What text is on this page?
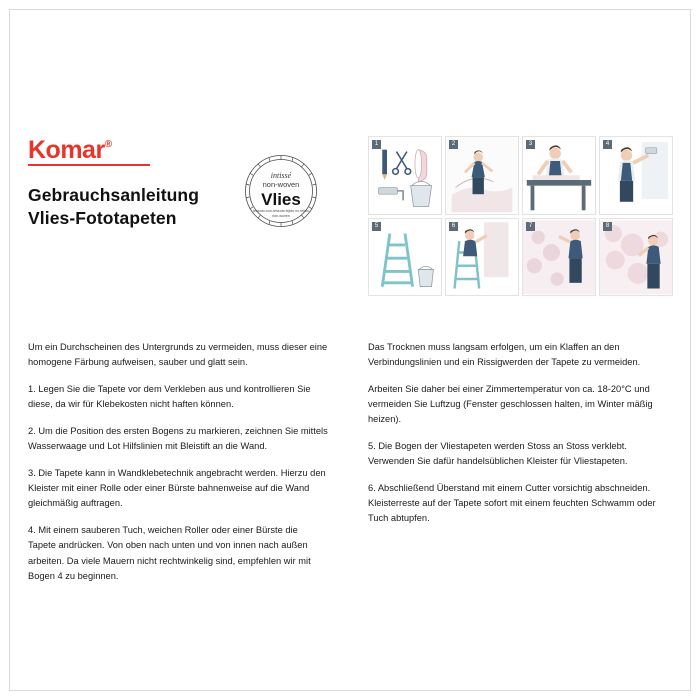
Komar®
Gebrauchsanleitung
Vlies-Fototapeten
intissé
non-woven
Vlies
tessuto-non-tessuto tejido no tejido
non-woven
1	2	3	4
5	6	7	8

Um ein Durchscheinen des Untergrunds zu vermeiden, muss dieser eine homogene Färbung aufweisen, sauber und glatt sein.

1. Legen Sie die Tapete vor dem Verkleben aus und kontrollieren Sie diese, da wir für Klebekosten nicht haften können.

2. Um die Position des ersten Bogens zu markieren, zeichnen Sie mittels Wasserwaage und Lot Hilfslinien mit Bleistift an die Wand.

3. Die Tapete kann in Wandklebetechnik angebracht werden. Hierzu den Kleister mit einer Rolle oder einer Bürste bahnenweise auf die Wand gleichmäßig auftragen.

4. Mit einem sauberen Tuch, weichen Roller oder einer Bürste die Tapete andrücken. Von oben nach unten und von innen nach außen arbeiten. Da viele Mauern nicht rechtwinkelig sind, empfehlen wir mit Bogen 4 zu beginnen.

Das Trocknen muss langsam erfolgen, um ein Klaffen an den Verbindungslinien und ein Rissigwerden der Tapete zu vermeiden.

Arbeiten Sie daher bei einer Zimmertemperatur von ca. 18-20°C und vermeiden Sie Luftzug (Fenster geschlossen halten, im Winter mäßig heizen).

5. Die Bogen der Vliestapeten werden Stoss an Stoss verklebt. Verwenden Sie dafür handelsüblichen Kleister für Vliestapeten.

6. Abschließend Überstand mit einem Cutter vorsichtig abschneiden. Kleisterreste auf der Tapete sofort mit einem feuchten Schwamm oder Tuch abtupfen.
